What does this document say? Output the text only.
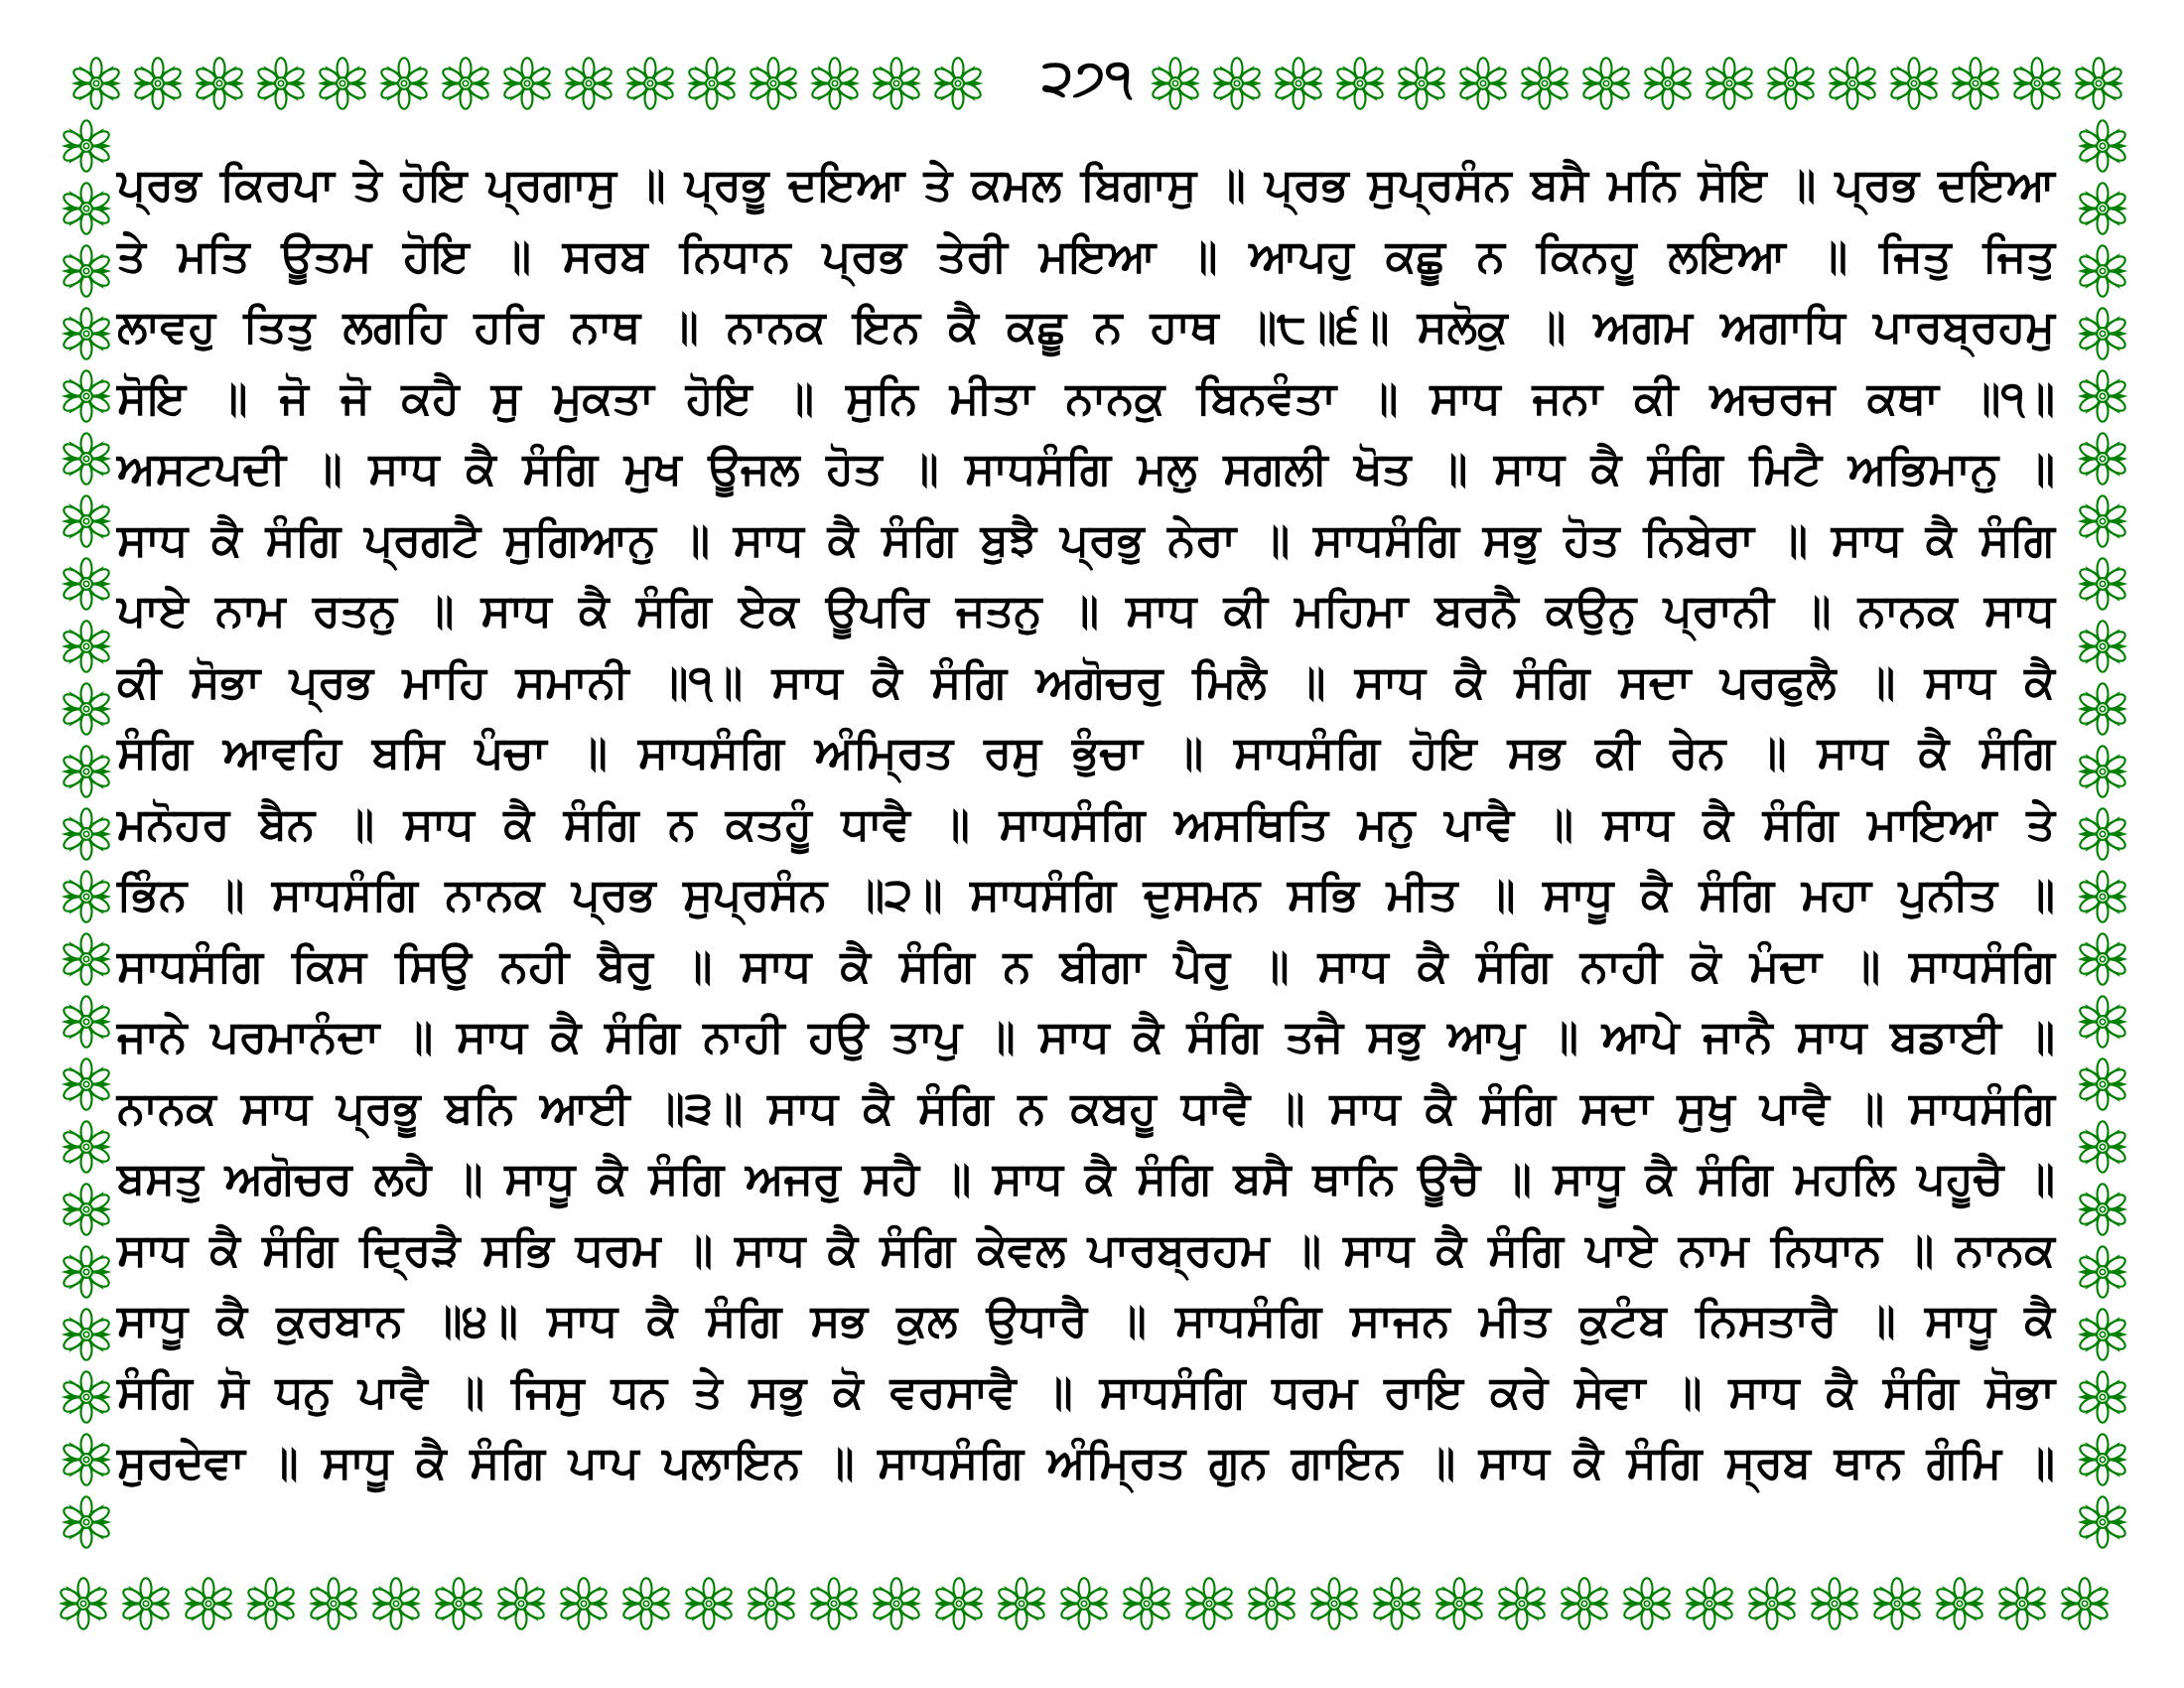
੨੭੧
ਪ੍ਰਭ ਕਿਰਪਾ ਤੇ ਹੋਇ ਪ੍ਰਗਾਸੁ ॥ ਪ੍ਰਭੂ ਦਇਆ ਤੇ ਕਮਲ ਬਿਗਾਸੁ ॥ ਪ੍ਰਭ ਸੁਪ੍ਰਸੰਨ ਬਸੈ ਮਨਿ ਸੋਇ ॥ ਪ੍ਰਭ ਦਇਆ
ਤੇ ਮਤਿ ਊਤਮ ਹੋਇ ॥ ਸਰਬ ਨਿਧਾਨ ਪ੍ਰਭ ਤੇਰੀ ਮਇਆ ॥ ਆਪਹੁ ਕਛੂ ਨ ਕਿਨਹੂ ਲਇਆ ॥ ਜਿਤੁ ਜਿਤੁ
ਲਾਵਹੁ ਤਿਤੁ ਲਗਹਿ ਹਰਿ ਨਾਥ ॥ ਨਾਨਕ ਇਨ ਕੈ ਕਛੂ ਨ ਹਾਥ ॥੮॥੬॥ ਸਲੋਕੁ ॥ ਅਗਮ ਅਗਾਧਿ ਪਾਰਬ੍ਰਹਮੁ
ਸੋਇ ॥ ਜੋ ਜੋ ਕਹੈ ਸੁ ਮੁਕਤਾ ਹੋਇ ॥ ਸੁਨਿ ਮੀਤਾ ਨਾਨਕੁ ਬਿਨਵੰਤਾ ॥ ਸਾਧ ਜਨਾ ਕੀ ਅਚਰਜ ਕਥਾ ॥੧॥
ਅਸਟਪਦੀ ॥ ਸਾਧ ਕੈ ਸੰਗਿ ਮੁਖ ਊਜਲ ਹੋਤ ॥ ਸਾਧਸੰਗਿ ਮਲੁ ਸਗਲੀ ਖੋਤ ॥ ਸਾਧ ਕੈ ਸੰਗਿ ਮਿਟੈ ਅਭਿਮਾਨੁ ॥
ਸਾਧ ਕੈ ਸੰਗਿ ਪ੍ਰਗਟੈ ਸੁਗਿਆਨੁ ॥ ਸਾਧ ਕੈ ਸੰਗਿ ਬੁਝੈ ਪ੍ਰਭੁ ਨੇਰਾ ॥ ਸਾਧਸੰਗਿ ਸਭੁ ਹੋਤ ਨਿਬੇਰਾ ॥ ਸਾਧ ਕੈ ਸੰਗਿ
ਪਾਏ ਨਾਮ ਰਤਨੁ ॥ ਸਾਧ ਕੈ ਸੰਗਿ ਏਕ ਊਪਰਿ ਜਤਨੁ ॥ ਸਾਧ ਕੀ ਮਹਿਮਾ ਬਰਨੈ ਕਉਨੁ ਪ੍ਰਾਨੀ ॥ ਨਾਨਕ ਸਾਧ
ਕੀ ਸੋਭਾ ਪ੍ਰਭ ਮਾਹਿ ਸਮਾਨੀ ॥੧॥ ਸਾਧ ਕੈ ਸੰਗਿ ਅਗੋਚਰੁ ਮਿਲੈ ॥ ਸਾਧ ਕੈ ਸੰਗਿ ਸਦਾ ਪਰਫੁਲੈ ॥ ਸਾਧ ਕੈ
ਸੰਗਿ ਆਵਹਿ ਬਸਿ ਪੰਚਾ ॥ ਸਾਧਸੰਗਿ ਅੰਮ੍ਰਿਤ ਰਸੁ ਭੁੰਚਾ ॥ ਸਾਧਸੰਗਿ ਹੋਇ ਸਭ ਕੀ ਰੇਨ ॥ ਸਾਧ ਕੈ ਸੰਗਿ
ਮਨੋਹਰ ਬੈਨ ॥ ਸਾਧ ਕੈ ਸੰਗਿ ਨ ਕਤਹੂੰ ਧਾਵੈ ॥ ਸਾਧਸੰਗਿ ਅਸਥਿਤਿ ਮਨੁ ਪਾਵੈ ॥ ਸਾਧ ਕੈ ਸੰਗਿ ਮਾਇਆ ਤੇ
ਭਿੰਨ ॥ ਸਾਧਸੰਗਿ ਨਾਨਕ ਪ੍ਰਭ ਸੁਪ੍ਰਸੰਨ ॥੨॥ ਸਾਧਸੰਗਿ ਦੁਸਮਨ ਸਭਿ ਮੀਤ ॥ ਸਾਧੂ ਕੈ ਸੰਗਿ ਮਹਾ ਪੁਨੀਤ ॥
ਸਾਧਸੰਗਿ ਕਿਸ ਸਿਉ ਨਹੀ ਬੈਰੁ ॥ ਸਾਧ ਕੈ ਸੰਗਿ ਨ ਬੀਗਾ ਪੈਰੁ ॥ ਸਾਧ ਕੈ ਸੰਗਿ ਨਾਹੀ ਕੋ ਮੰਦਾ ॥ ਸਾਧਸੰਗਿ
ਜਾਨੇ ਪਰਮਾਨੰਦਾ ॥ ਸਾਧ ਕੈ ਸੰਗਿ ਨਾਹੀ ਹਉ ਤਾਪੁ ॥ ਸਾਧ ਕੈ ਸੰਗਿ ਤਜੈ ਸਭੁ ਆਪੁ ॥ ਆਪੇ ਜਾਨੈ ਸਾਧ ਬਡਾਈ ॥
ਨਾਨਕ ਸਾਧ ਪ੍ਰਭੂ ਬਨਿ ਆਈ ॥੩॥ ਸਾਧ ਕੈ ਸੰਗਿ ਨ ਕਬਹੂ ਧਾਵੈ ॥ ਸਾਧ ਕੈ ਸੰਗਿ ਸਦਾ ਸੁਖੁ ਪਾਵੈ ॥ ਸਾਧਸੰਗਿ
ਬਸਤੁ ਅਗੋਚਰ ਲਹੈ ॥ ਸਾਧੂ ਕੈ ਸੰਗਿ ਅਜਰੁ ਸਹੈ ॥ ਸਾਧ ਕੈ ਸੰਗਿ ਬਸੈ ਥਾਨਿ ਊਚੈ ॥ ਸਾਧੂ ਕੈ ਸੰਗਿ ਮਹਲਿ ਪਹੂਚੈ ॥
ਸਾਧ ਕੈ ਸੰਗਿ ਦ੍ਰਿੜੈ ਸਭਿ ਧਰਮ ॥ ਸਾਧ ਕੈ ਸੰਗਿ ਕੇਵਲ ਪਾਰਬ੍ਰਹਮ ॥ ਸਾਧ ਕੈ ਸੰਗਿ ਪਾਏ ਨਾਮ ਨਿਧਾਨ ॥ ਨਾਨਕ
ਸਾਧੂ ਕੈ ਕੁਰਬਾਨ ॥੪॥ ਸਾਧ ਕੈ ਸੰਗਿ ਸਭ ਕੁਲ ਉਧਾਰੈ ॥ ਸਾਧਸੰਗਿ ਸਾਜਨ ਮੀਤ ਕੁਟੰਬ ਨਿਸਤਾਰੈ ॥ ਸਾਧੂ ਕੈ
ਸੰਗਿ ਸੋ ਧਨੁ ਪਾਵੈ ॥ ਜਿਸੁ ਧਨ ਤੇ ਸਭੁ ਕੋ ਵਰਸਾਵੈ ॥ ਸਾਧਸੰਗਿ ਧਰਮ ਰਾਇ ਕਰੇ ਸੇਵਾ ॥ ਸਾਧ ਕੈ ਸੰਗਿ ਸੋਭਾ
ਸੁਰਦੇਵਾ ॥ ਸਾਧੂ ਕੈ ਸੰਗਿ ਪਾਪ ਪਲਾਇਨ ॥ ਸਾਧਸੰਗਿ ਅੰਮ੍ਰਿਤ ਗੁਨ ਗਾਇਨ ॥ ਸਾਧ ਕੈ ਸੰਗਿ ਸ੍ਰਬ ਥਾਨ ਗੰਮਿ ॥
